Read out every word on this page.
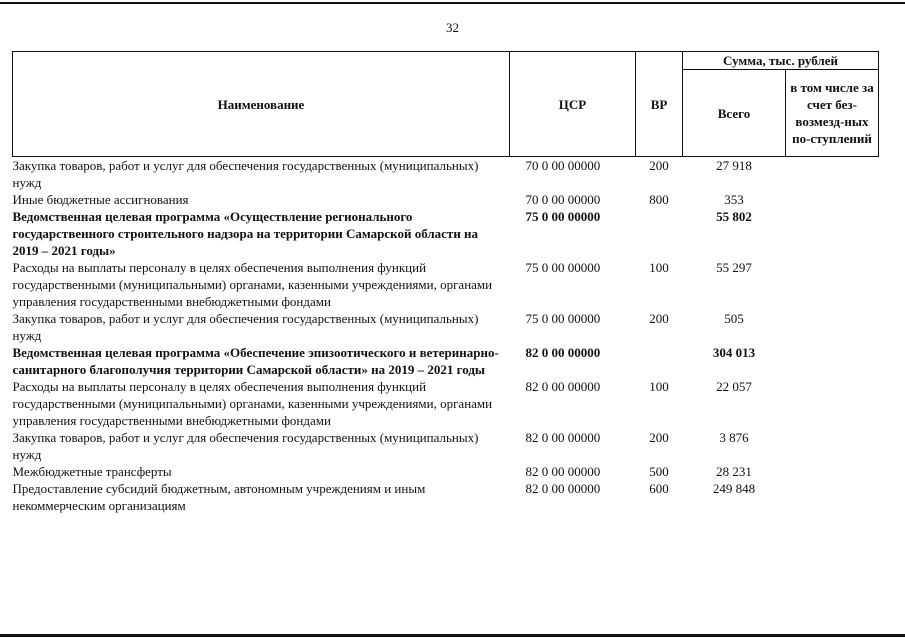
32
Наименование	ЦСР	ВР	Сумма, тыс. рублей	
			Всего	в том числе за счет без-возмезд-ных по-ступлений
Закупка товаров, работ и услуг для обеспечения государственных (муниципальных) нужд	70 0 00 00000	200	27 918	
Иные бюджетные ассигнования	70 0 00 00000	800	353	
Ведомственная целевая программа «Осуществление регионального государственного строительного надзора на территории Самарской области на 2019 – 2021 годы»	75 0 00 00000		55 802	
Расходы на выплаты персоналу в целях обеспечения выполнения функций государственными (муниципальными) органами, казенными учреждениями, органами управления государственными внебюджетными фондами	75 0 00 00000	100	55 297	
Закупка товаров, работ и услуг для обеспечения государственных (муниципальных) нужд	75 0 00 00000	200	505	
Ведомственная целевая программа «Обеспечение эпизоотического и ветеринарно-санитарного благополучия территории Самарской области» на 2019 – 2021 годы	82 0 00 00000		304 013	
Расходы на выплаты персоналу в целях обеспечения выполнения функций государственными (муниципальными) органами, казенными учреждениями, органами управления государственными внебюджетными фондами	82 0 00 00000	100	22 057	
Закупка товаров, работ и услуг для обеспечения государственных (муниципальных) нужд	82 0 00 00000	200	3 876	
Межбюджетные трансферты	82 0 00 00000	500	28 231	
Предоставление субсидий бюджетным, автономным учреждениям и иным некоммерческим организациям	82 0 00 00000	600	249 848	
